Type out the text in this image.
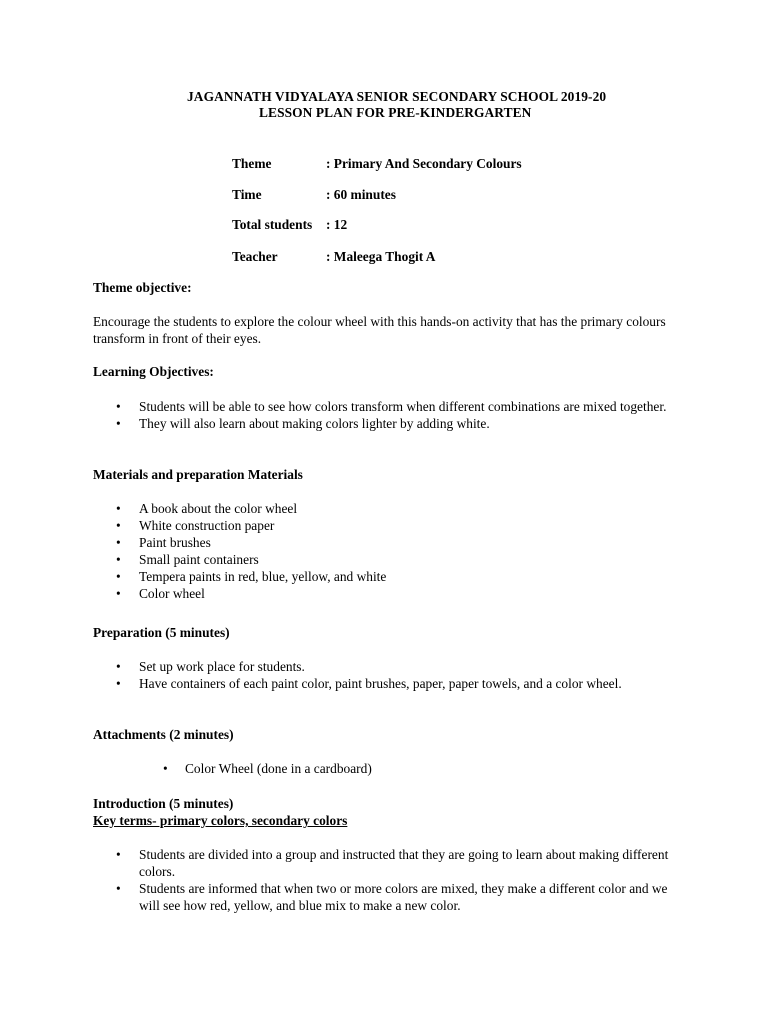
JAGANNATH VIDYALAYA SENIOR SECONDARY SCHOOL 2019-20
LESSON PLAN FOR PRE-KINDERGARTEN
Theme	: Primary And Secondary Colours
Time	: 60 minutes
Total students : 12
Teacher	: Maleega Thogit A
Theme objective:

Encourage the students to explore the colour wheel with this hands-on activity that has the primary colours transform in front of their eyes.

Learning Objectives:
• Students will be able to see how colors transform when different combinations are mixed together.
• They will also learn about making colors lighter by adding white.
Materials and preparation Materials
• A book about the color wheel
• White construction paper
• Paint brushes
• Small paint containers
• Tempera paints in red, blue, yellow, and white
• Color wheel
Preparation (5 minutes)
• Set up work place for students.
• Have containers of each paint color, paint brushes, paper, paper towels, and a color wheel.
Attachments (2 minutes)
• Color Wheel (done in a cardboard)
Introduction (5 minutes)
Key terms- primary colors, secondary colors
• Students are divided into a group and instructed that they are going to learn about making different colors.
• Students are informed that when two or more colors are mixed, they make a different color and we will see how red, yellow, and blue mix to make a new color.
